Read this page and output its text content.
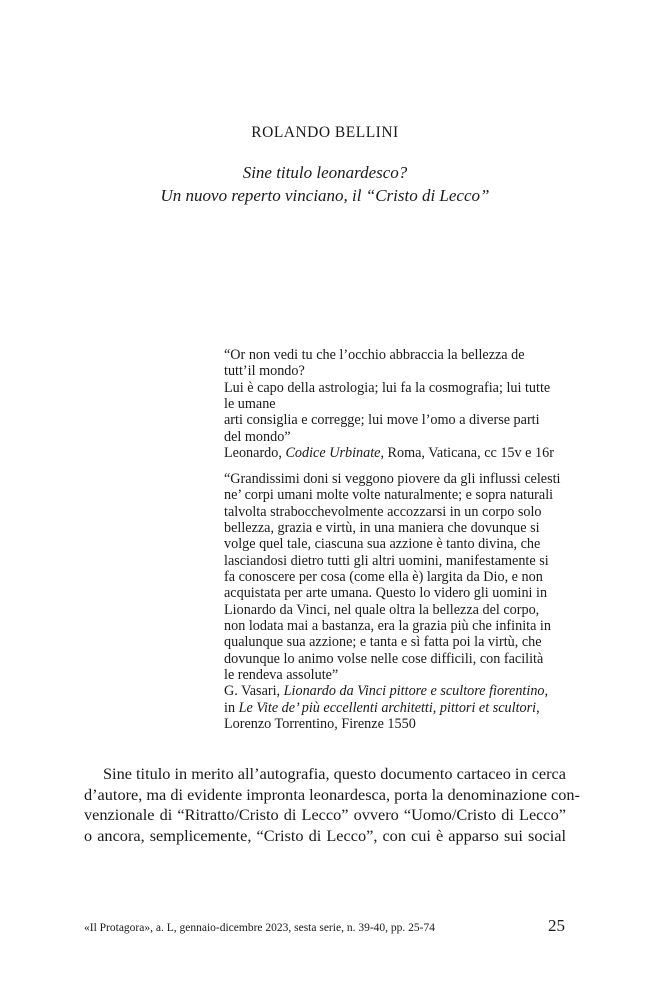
ROLANDO BELLINI
Sine titulo leonardesco?
Un nuovo reperto vinciano, il “Cristo di Lecco”
“Or non vedi tu che l’occhio abbraccia la bellezza de
tutt’il mondo?
Lui è capo della astrologia; lui fa la cosmografia; lui tutte
le umane
arti consiglia e corregge; lui move l’omo a diverse parti
del mondo”
Leonardo, Codice Urbinate, Roma, Vaticana, cc 15v e 16r
“Grandissimi doni si veggono piovere da gli influssi celesti
ne’ corpi umani molte volte naturalmente; e sopra naturali
talvolta strabocchevolmente accozzarsi in un corpo solo
bellezza, grazia e virtù, in una maniera che dovunque si
volge quel tale, ciascuna sua azzione è tanto divina, che
lasciandosi dietro tutti gli altri uomini, manifestamente si
fa conoscere per cosa (come ella è) largita da Dio, e non
acquistata per arte umana. Questo lo videro gli uomini in
Lionardo da Vinci, nel quale oltra la bellezza del corpo,
non lodata mai a bastanza, era la grazia più che infinita in
qualunque sua azzione; e tanta e sì fatta poi la virtù, che
dovunque lo animo volse nelle cose difficili, con facilità
le rendeva assolute”
G. Vasari, Lionardo da Vinci pittore e scultore fiorentino,
in Le Vite de’ più eccellenti architetti, pittori et scultori,
Lorenzo Torrentino, Firenze 1550
Sine titulo in merito all’autografia, questo documento cartaceo in cerca
d’autore, ma di evidente impronta leonardesca, porta la denominazione con-
venzionale di “Ritratto/Cristo di Lecco” ovvero “Uomo/Cristo di Lecco”
o ancora, semplicemente, “Cristo di Lecco”, con cui è apparso sui social
«Il Protagora», a. L, gennaio-dicembre 2023, sesta serie, n. 39-40, pp. 25-74	25
